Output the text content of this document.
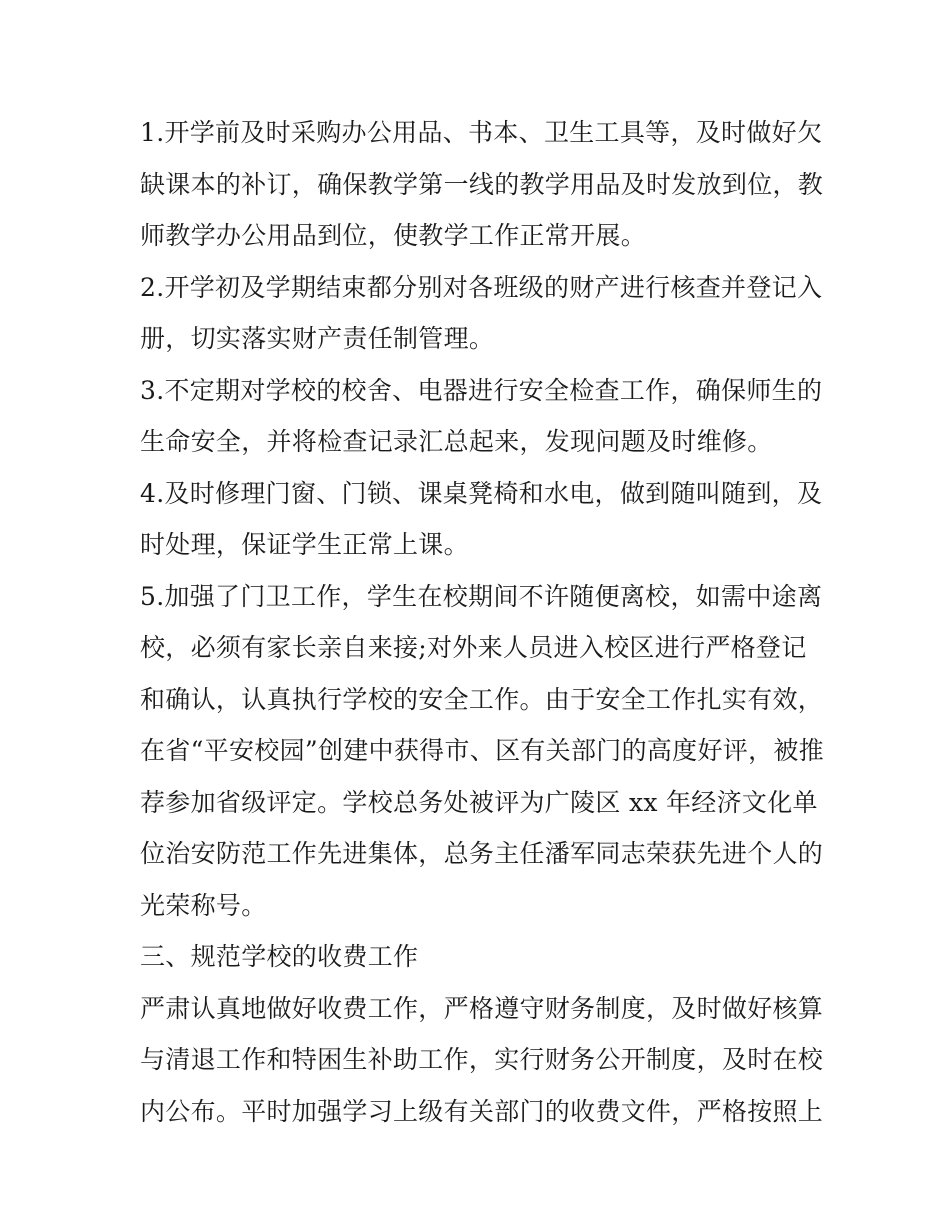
1.开学前及时采购办公用品、书本、卫生工具等，及时做好欠
缺课本的补订，确保教学第一线的教学用品及时发放到位，教
师教学办公用品到位，使教学工作正常开展。
2.开学初及学期结束都分别对各班级的财产进行核查并登记入
册，切实落实财产责任制管理。
3.不定期对学校的校舍、电器进行安全检查工作，确保师生的
生命安全，并将检查记录汇总起来，发现问题及时维修。
4.及时修理门窗、门锁、课桌凳椅和水电，做到随叫随到，及
时处理，保证学生正常上课。
5.加强了门卫工作，学生在校期间不许随便离校，如需中途离
校，必须有家长亲自来接;对外来人员进入校区进行严格登记
和确认，认真执行学校的安全工作。由于安全工作扎实有效，
在省“平安校园”创建中获得市、区有关部门的高度好评，被推
荐参加省级评定。学校总务处被评为广陵区 xx 年经济文化单
位治安防范工作先进集体，总务主任潘军同志荣获先进个人的
光荣称号。
三、规范学校的收费工作
严肃认真地做好收费工作，严格遵守财务制度，及时做好核算
与清退工作和特困生补助工作，实行财务公开制度，及时在校
内公布。平时加强学习上级有关部门的收费文件，严格按照上
